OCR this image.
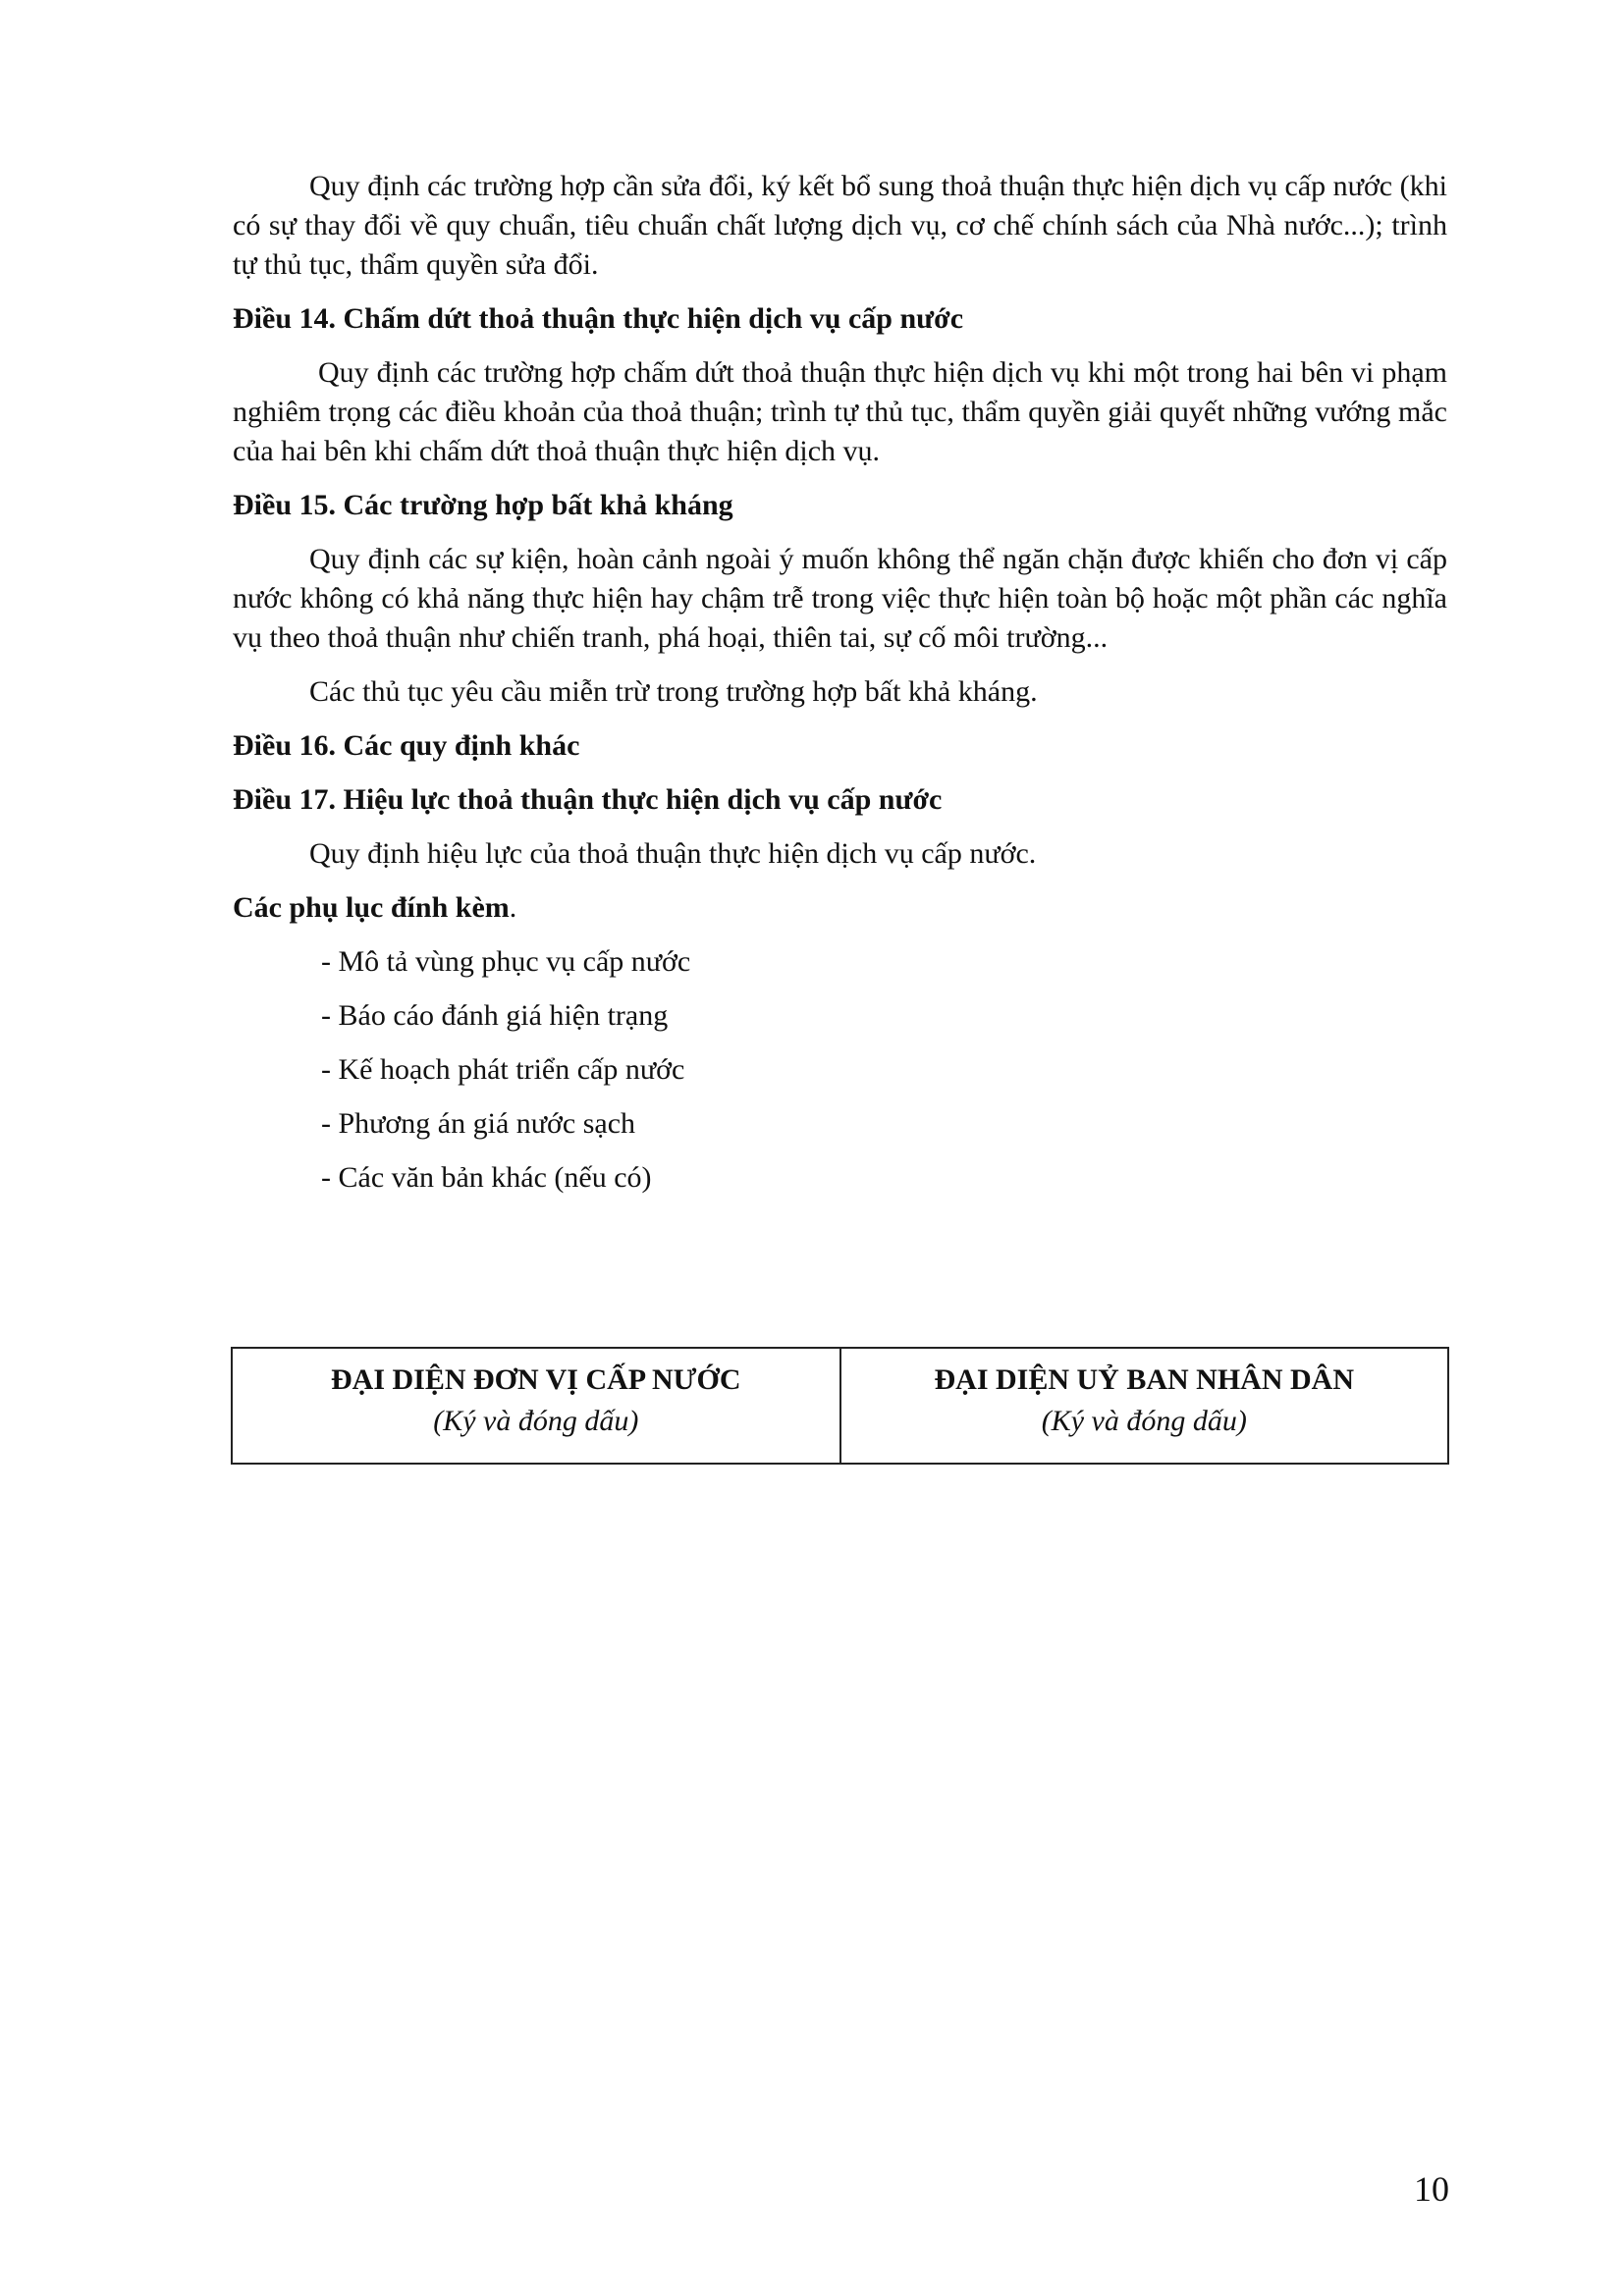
Quy định các trường hợp cần sửa đổi, ký kết bổ sung thoả thuận thực hiện dịch vụ cấp nước (khi có sự thay đổi về quy chuẩn, tiêu chuẩn chất lượng dịch vụ, cơ chế chính sách của Nhà nước...); trình tự thủ tục, thẩm quyền sửa đổi.

Điều 14. Chấm dứt thoả thuận thực hiện dịch vụ cấp nước

Quy định các trường hợp chấm dứt thoả thuận thực hiện dịch vụ khi một trong hai bên vi phạm nghiêm trọng các điều khoản của thoả thuận; trình tự thủ tục, thẩm quyền giải quyết những vướng mắc của hai bên khi chấm dứt thoả thuận thực hiện dịch vụ.

Điều 15. Các trường hợp bất khả kháng

Quy định các sự kiện, hoàn cảnh ngoài ý muốn không thể ngăn chặn được khiến cho đơn vị cấp nước không có khả năng thực hiện hay chậm trễ trong việc thực hiện toàn bộ hoặc một phần các nghĩa vụ theo thoả thuận như chiến tranh, phá hoại, thiên tai, sự cố môi trường...

Các thủ tục yêu cầu miễn trừ trong trường hợp bất khả kháng.

Điều 16. Các quy định khác
Điều 17. Hiệu lực thoả thuận thực hiện dịch vụ cấp nước

Quy định hiệu lực của thoả thuận thực hiện dịch vụ cấp nước.

Các phụ lục đính kèm.
- Mô tả vùng phục vụ cấp nước
- Báo cáo đánh giá hiện trạng
- Kế hoạch phát triển cấp nước
- Phương án giá nước sạch
- Các văn bản khác (nếu có)
ĐẠI DIỆN ĐƠN VỊ CẤP NƯỚC
(Ký và đóng dấu)

ĐẠI DIỆN UỶ BAN NHÂN DÂN
(Ký và đóng dấu)
10
